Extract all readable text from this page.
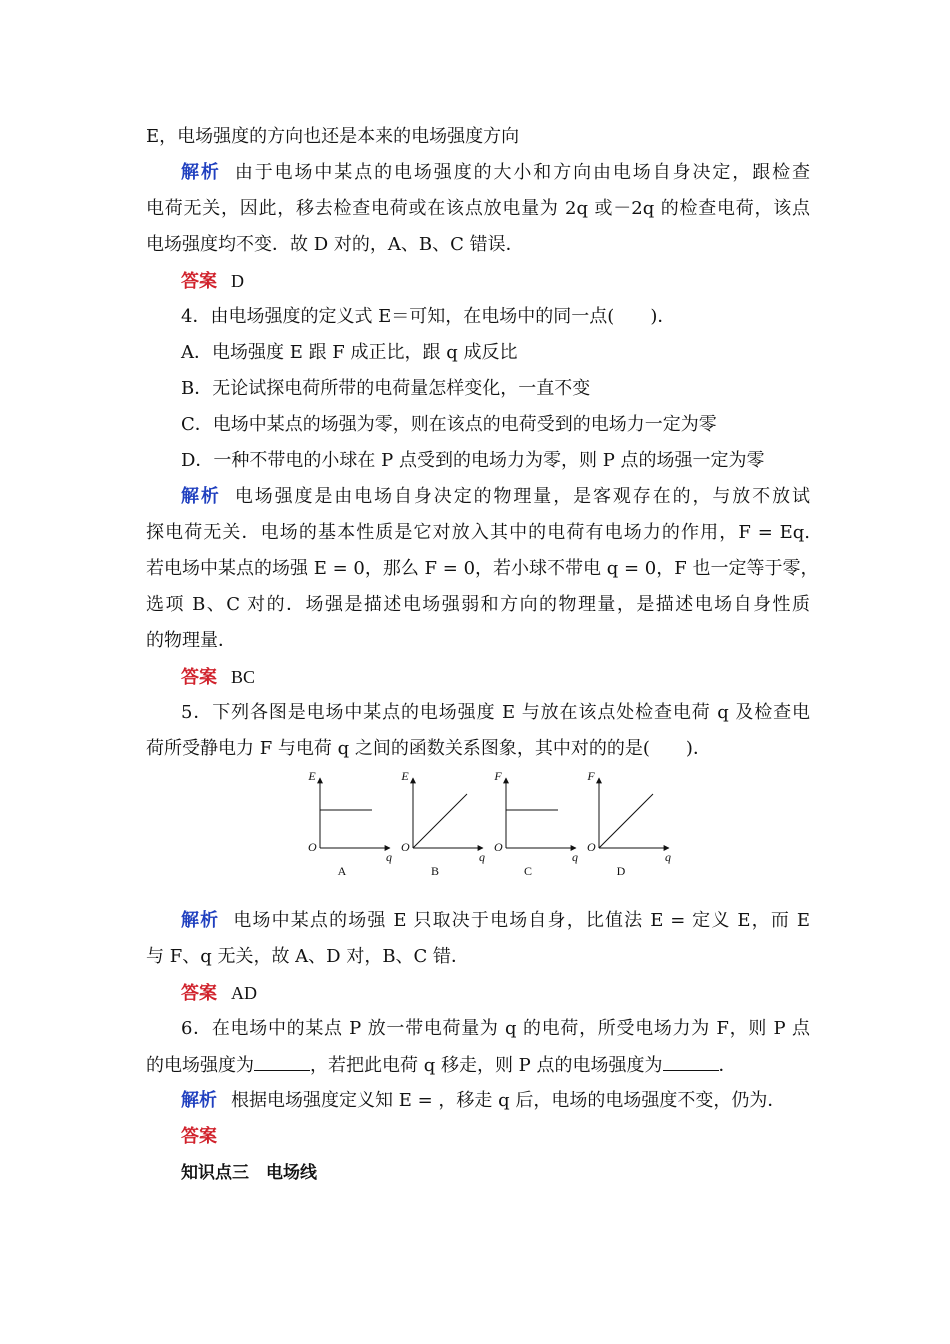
E，电场强度的方向也还是本来的电场强度方向
解析 由于电场中某点的电场强度的大小和方向由电场自身决定，跟检查
电荷无关，因此，移去检查电荷或在该点放电量为 2q 或－2q 的检查电荷，该点
电场强度均不变．故 D 对的，A、B、C 错误．
答案 D
4．由电场强度的定义式 E＝可知，在电场中的同一点(　　)．
A．电场强度 E 跟 F 成正比，跟 q 成反比
B．无论试探电荷所带的电荷量怎样变化，一直不变
C．电场中某点的场强为零，则在该点的电荷受到的电场力一定为零
D．一种不带电的小球在 P 点受到的电场力为零，则 P 点的场强一定为零
解析 电场强度是由电场自身决定的物理量，是客观存在的，与放不放试
探电荷无关．电场的基本性质是它对放入其中的电荷有电场力的作用，F = Eq.
若电场中某点的场强 E = 0，那么 F = 0，若小球不带电 q = 0，F 也一定等于零，
选项 B、C 对的．场强是描述电场强弱和方向的物理量，是描述电场自身性质
的物理量．
答案 BC
5．下列各图是电场中某点的电场强度 E 与放在该点处检查电荷 q 及检查电
荷所受静电力 F 与电荷 q 之间的函数关系图象，其中对的的是(　　)．
E
q
O
A
E
q
O
B
F
q
O
C
F
q
O
D
解析 电场中某点的场强 E 只取决于电场自身，比值法 E = 定义 E，而 E
与 F、q 无关，故 A、D 对，B、C 错．
答案 AD
6．在电场中的某点 P 放一带电荷量为 q 的电荷，所受电场力为 F，则 P 点
的电场强度为	，若把此电荷 q 移走，则 P 点的电场强度为	．
解析 根据电场强度定义知 E = ，移走 q 后，电场的电场强度不变，仍为．
答案
知识点三　电场线
